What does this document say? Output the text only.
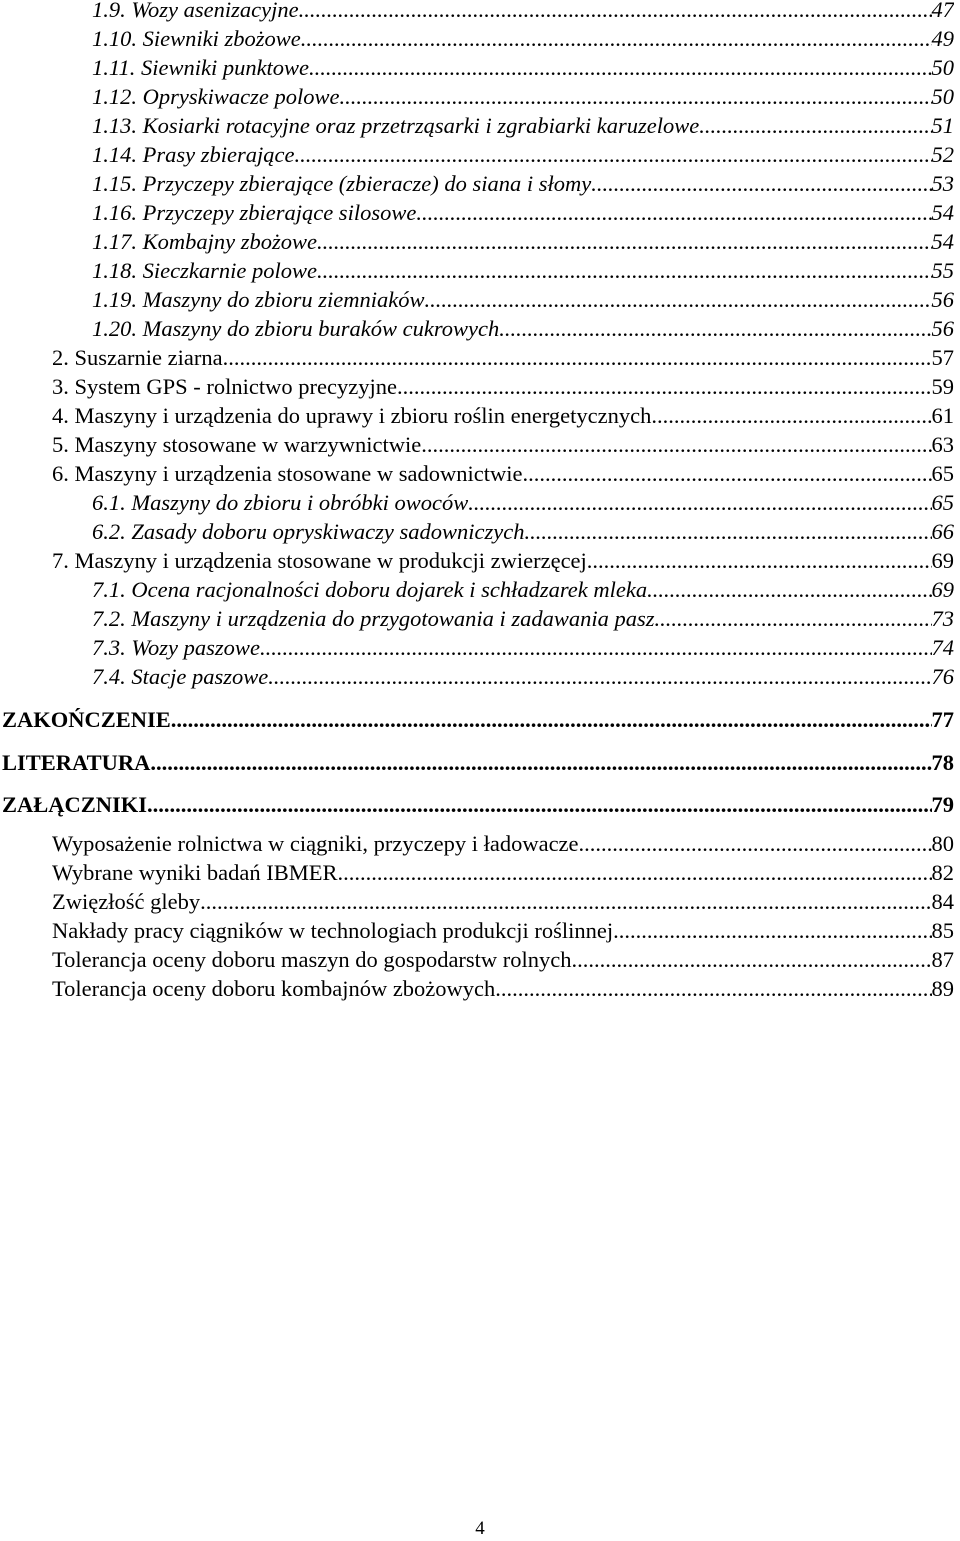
1.9. Wozy asenizacyjne .....	47
1.10. Siewniki zbożowe .....	49
1.11. Siewniki punktowe .....	50
1.12. Opryskiwacze polowe .....	50
1.13. Kosiarki rotacyjne oraz przetrząsarki i zgrabiarki karuzelowe .....	51
1.14. Prasy zbierające .....	52
1.15. Przyczepy zbierające (zbieracze) do siana i słomy .....	53
1.16. Przyczepy zbierające silosowe .....	54
1.17. Kombajny zbożowe .....	54
1.18. Sieczkarnie polowe .....	55
1.19. Maszyny do zbioru ziemniaków .....	56
1.20. Maszyny do zbioru buraków cukrowych .....	56
2. Suszarnie ziarna .....	57
3. System GPS - rolnictwo precyzyjne .....	59
4. Maszyny i urządzenia do uprawy i zbioru roślin energetycznych .....	61
5. Maszyny stosowane w warzywnictwie .....	63
6. Maszyny i urządzenia stosowane w sadownictwie .....	65
6.1. Maszyny do zbioru i obróbki owoców .....	65
6.2. Zasady doboru opryskiwaczy sadowniczych .....	66
7. Maszyny i urządzenia stosowane w produkcji zwierzęcej .....	69
7.1. Ocena racjonalności doboru dojarek i schładzarek mleka .....	69
7.2. Maszyny i urządzenia do przygotowania i zadawania pasz .....	73
7.3. Wozy paszowe .....	74
7.4. Stacje paszowe .....	76
ZAKOŃCZENIE .....	77
LITERATURA .....	78
ZAŁĄCZNIKI .....	79
Wyposażenie rolnictwa w ciągniki, przyczepy i ładowacze .....	80
Wybrane wyniki badań IBMER .....	82
Zwięzłość gleby .....	84
Nakłady pracy ciągników w technologiach produkcji roślinnej .....	85
Tolerancja oceny doboru maszyn do gospodarstw rolnych .....	87
Tolerancja oceny doboru kombajnów zbożowych .....	89
4
